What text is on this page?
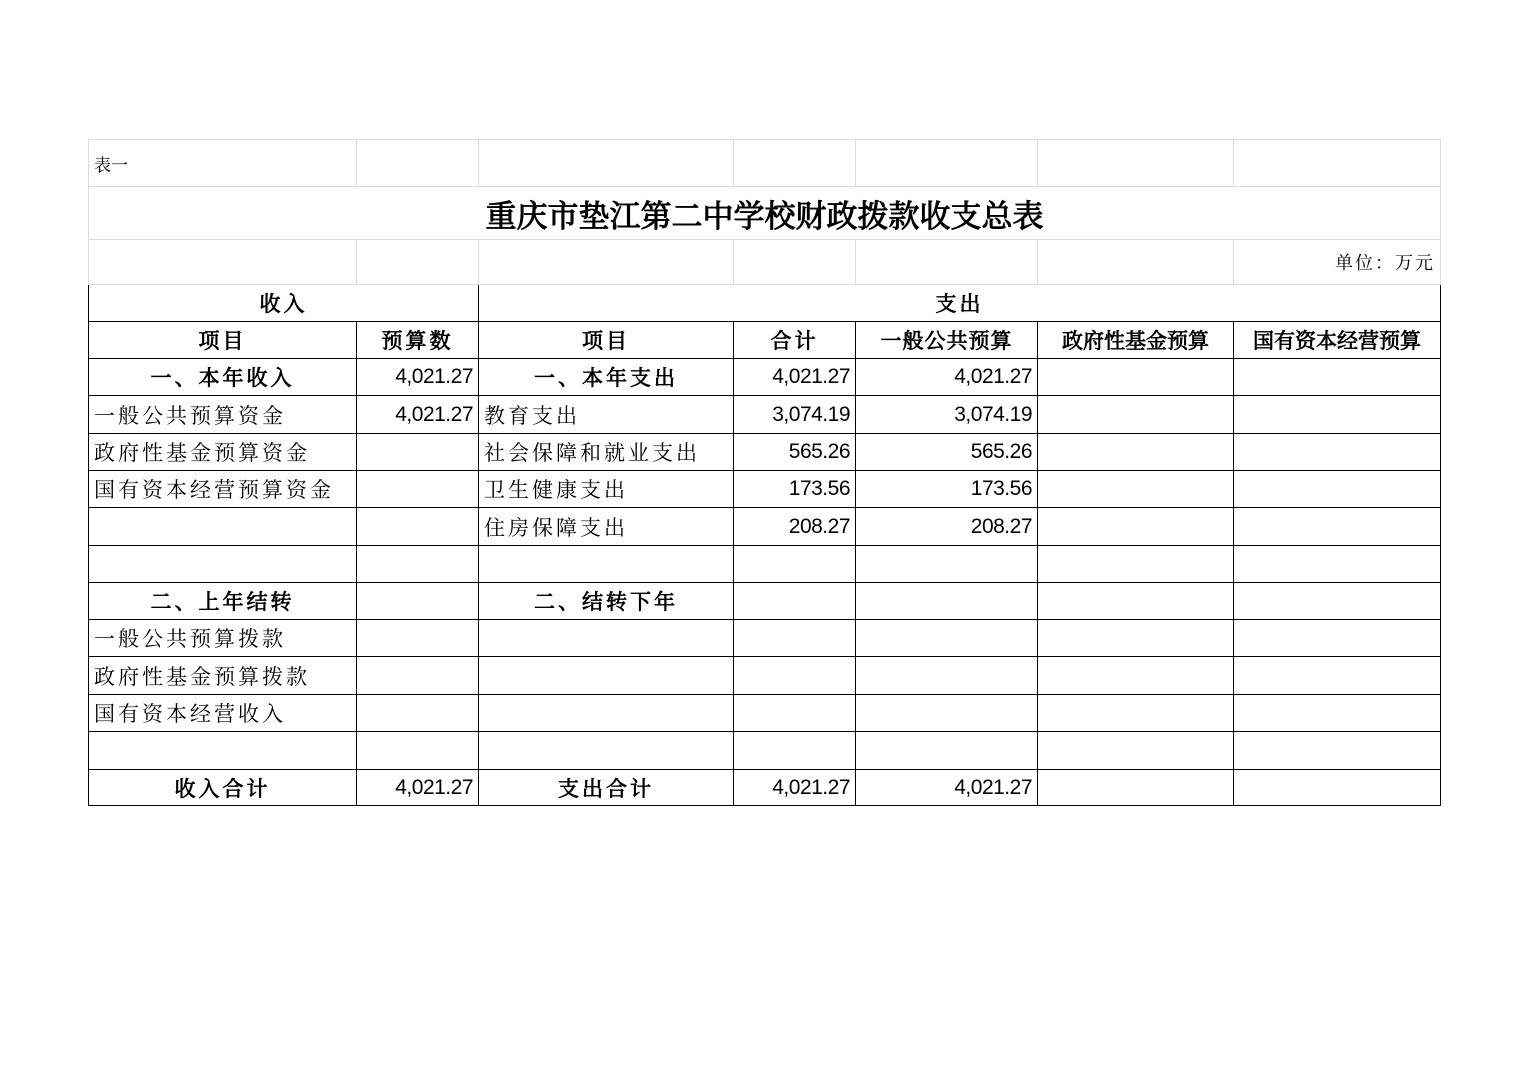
表一						
重庆市垫江第二中学校财政拨款收支总表						
						单位：万元
收入		支出				
项目	预算数	项目	合计	一般公共预算	政府性基金预算	国有资本经营预算
一、本年收入	4,021.27	一、本年支出	4,021.27	4,021.27		
一般公共预算资金	4,021.27	教育支出	3,074.19	3,074.19		
政府性基金预算资金		社会保障和就业支出	565.26	565.26		
国有资本经营预算资金		卫生健康支出	173.56	173.56		
		住房保障支出	208.27	208.27		

二、上年结转		二、结转下年				
一般公共预算拨款						
政府性基金预算拨款						
国有资本经营收入						

收入合计	4,021.27	支出合计	4,021.27	4,021.27		
